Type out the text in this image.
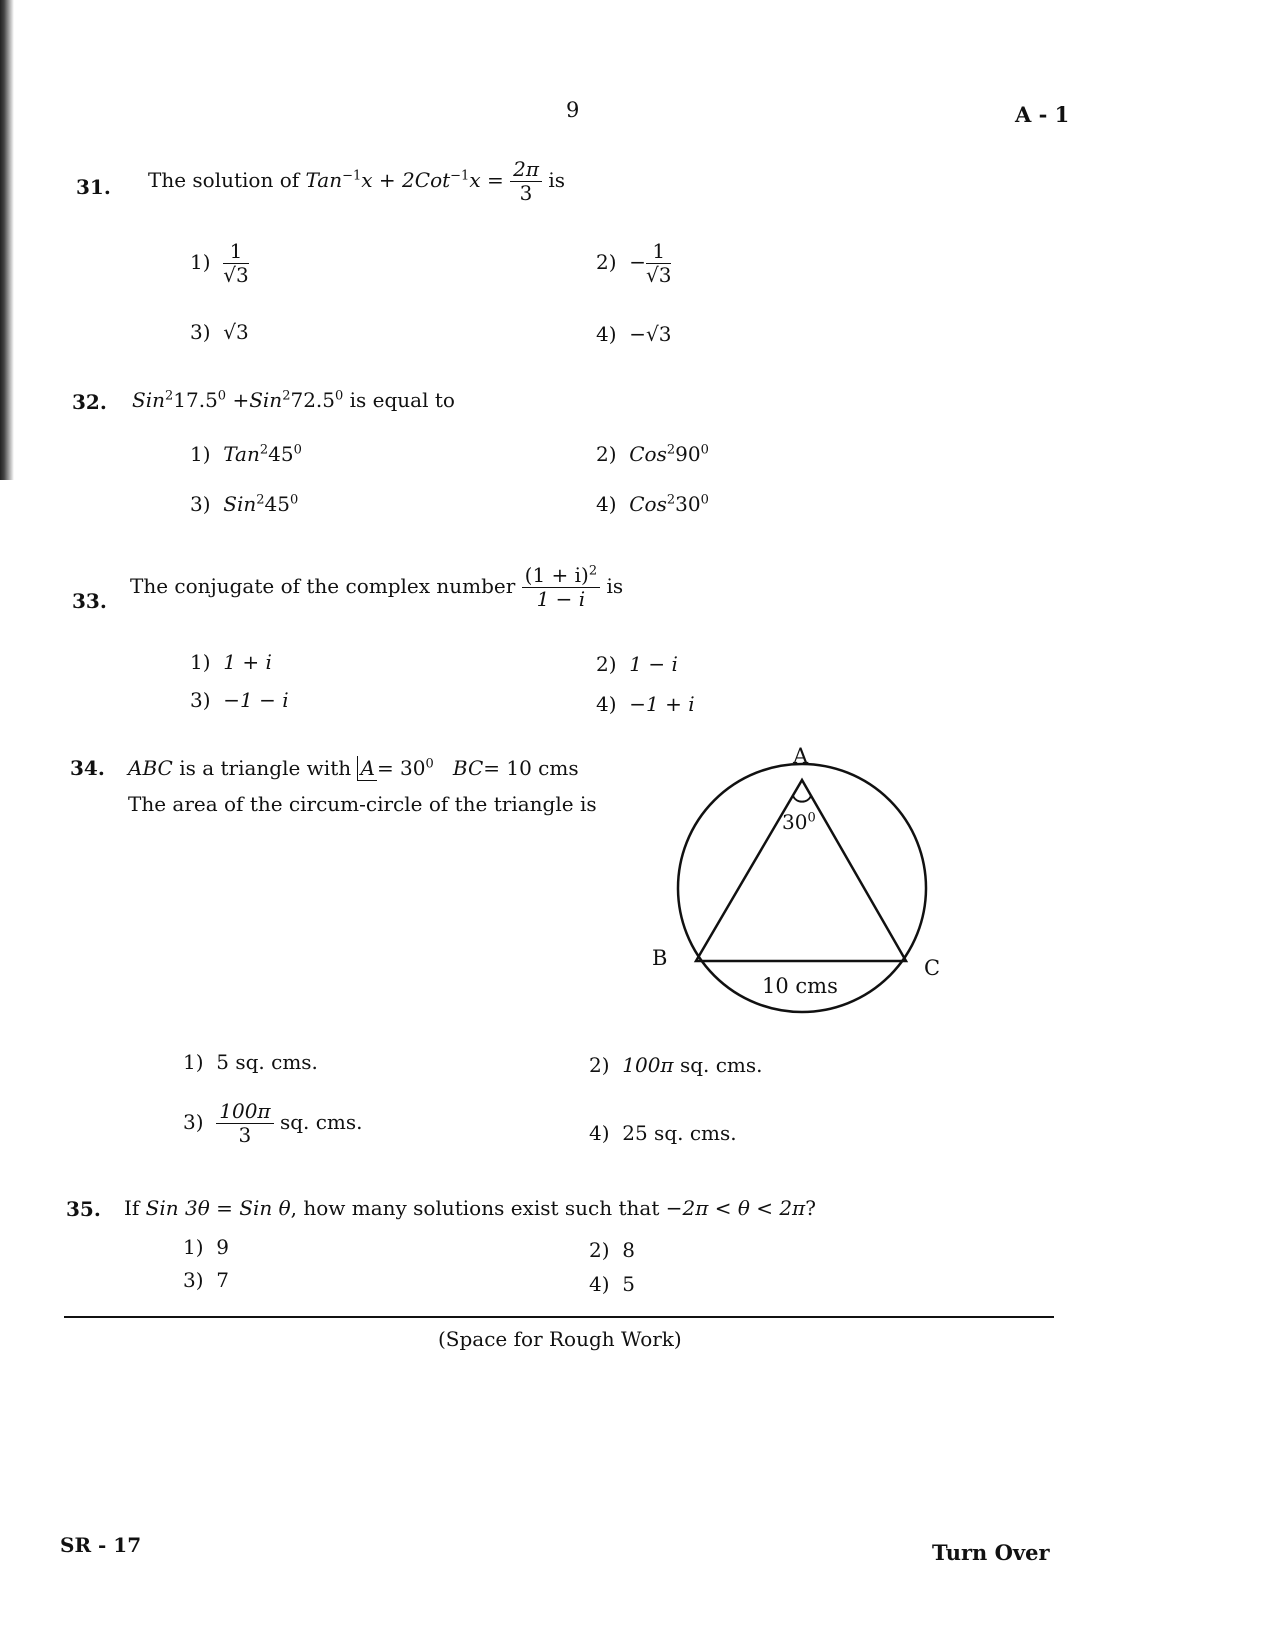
9	A - 1
31. The solution of $Tan^{-1}x + 2Cot^{-1}x = \frac{2\pi}{3}$ is
$1) \frac{1}{√3}$	$2) - \frac{1}{√3}$
3) √3	4) −√3
32. $Sin^217.5^0 +Sin^272.5^0$ is equal to
1) $Tan^245^0$	2) $Cos^290^0$
3) $Sin^245^0$	4) $Cos^230^0$
33.
The conjugate of the complex number $\frac{(1 + i)^2}{1 - i}$ is
1) 1 + i	2) 1 − i
3) −1 − i	4) −1 + i
34. ABC is a triangle with $A = 30^0$ BC= 10 cms
The area of the circum-circle of the triangle is
A
B	C
$30^0$
10 cms
1) 5 sq. cms.	2) 100π sq. cms.
$3) \frac{100\pi}{3}$ sq. cms.	4) 25 sq. cms.
35. If Sin 3θ = Sin θ, how many solutions exist such that −2π < θ < 2π?
1) 9	2) 8
3) 7	4) 5
(Space for Rough Work)
SR - 17	Turn Over
